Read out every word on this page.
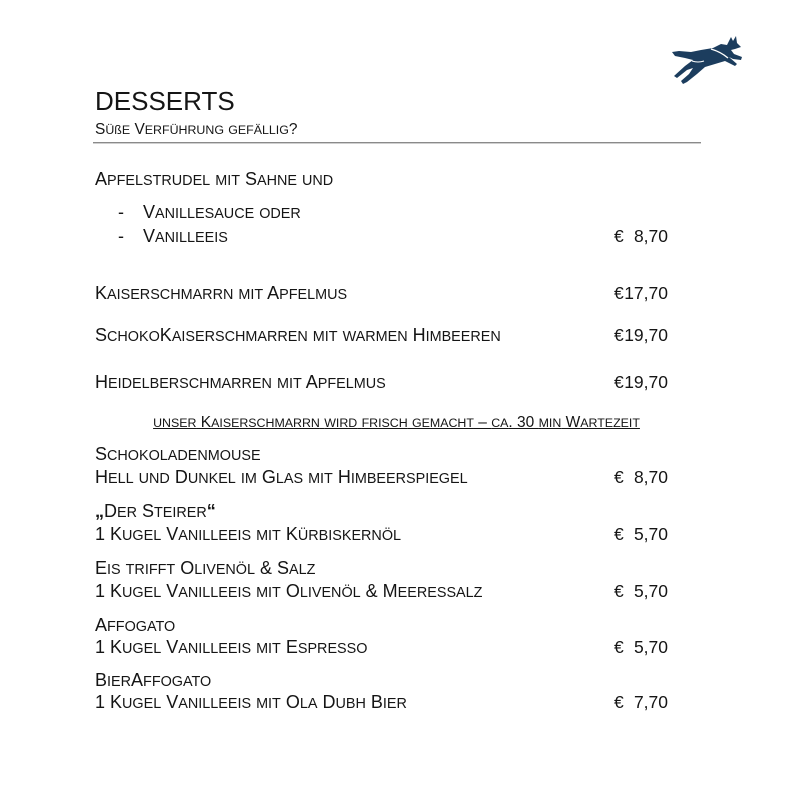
DESSERTS
SÜßE VERFÜHRUNG GEFÄLLIG?
APFELSTRUDEL MIT SAHNE UND
- VANILLESAUCE ODER
- VANILLEEIS	€ 8,70
KAISERSCHMARRN MIT APFELMUS	€ 17,70
SCHOKOKAISERSCHMARREN MIT WARMEN HIMBEEREN	€ 19,70
HEIDELBERSCHMARREN MIT APFELMUS	€ 19,70
UNSER KAISERSCHMARRN WIRD FRISCH GEMACHT – CA. 30 MIN WARTEZEIT
SCHOKOLADENMOUSE
HELL UND DUNKEL IM GLAS MIT HIMBEERSPIEGEL	€ 8,70
„DER STEIRER“
1 KUGEL VANILLEEIS MIT KÜRBISKERNÖL	€ 5,70
EIS TRIFFT OLIVENÖL & SALZ
1 KUGEL VANILLEEIS MIT OLIVENÖL & MEERESSALZ	€ 5,70
AFFOGATO
1 KUGEL VANILLEEIS MIT ESPRESSO	€ 5,70
BIERAFFOGATO
1 KUGEL VANILLEEIS MIT OLA DUBH BIER	€ 7,70
